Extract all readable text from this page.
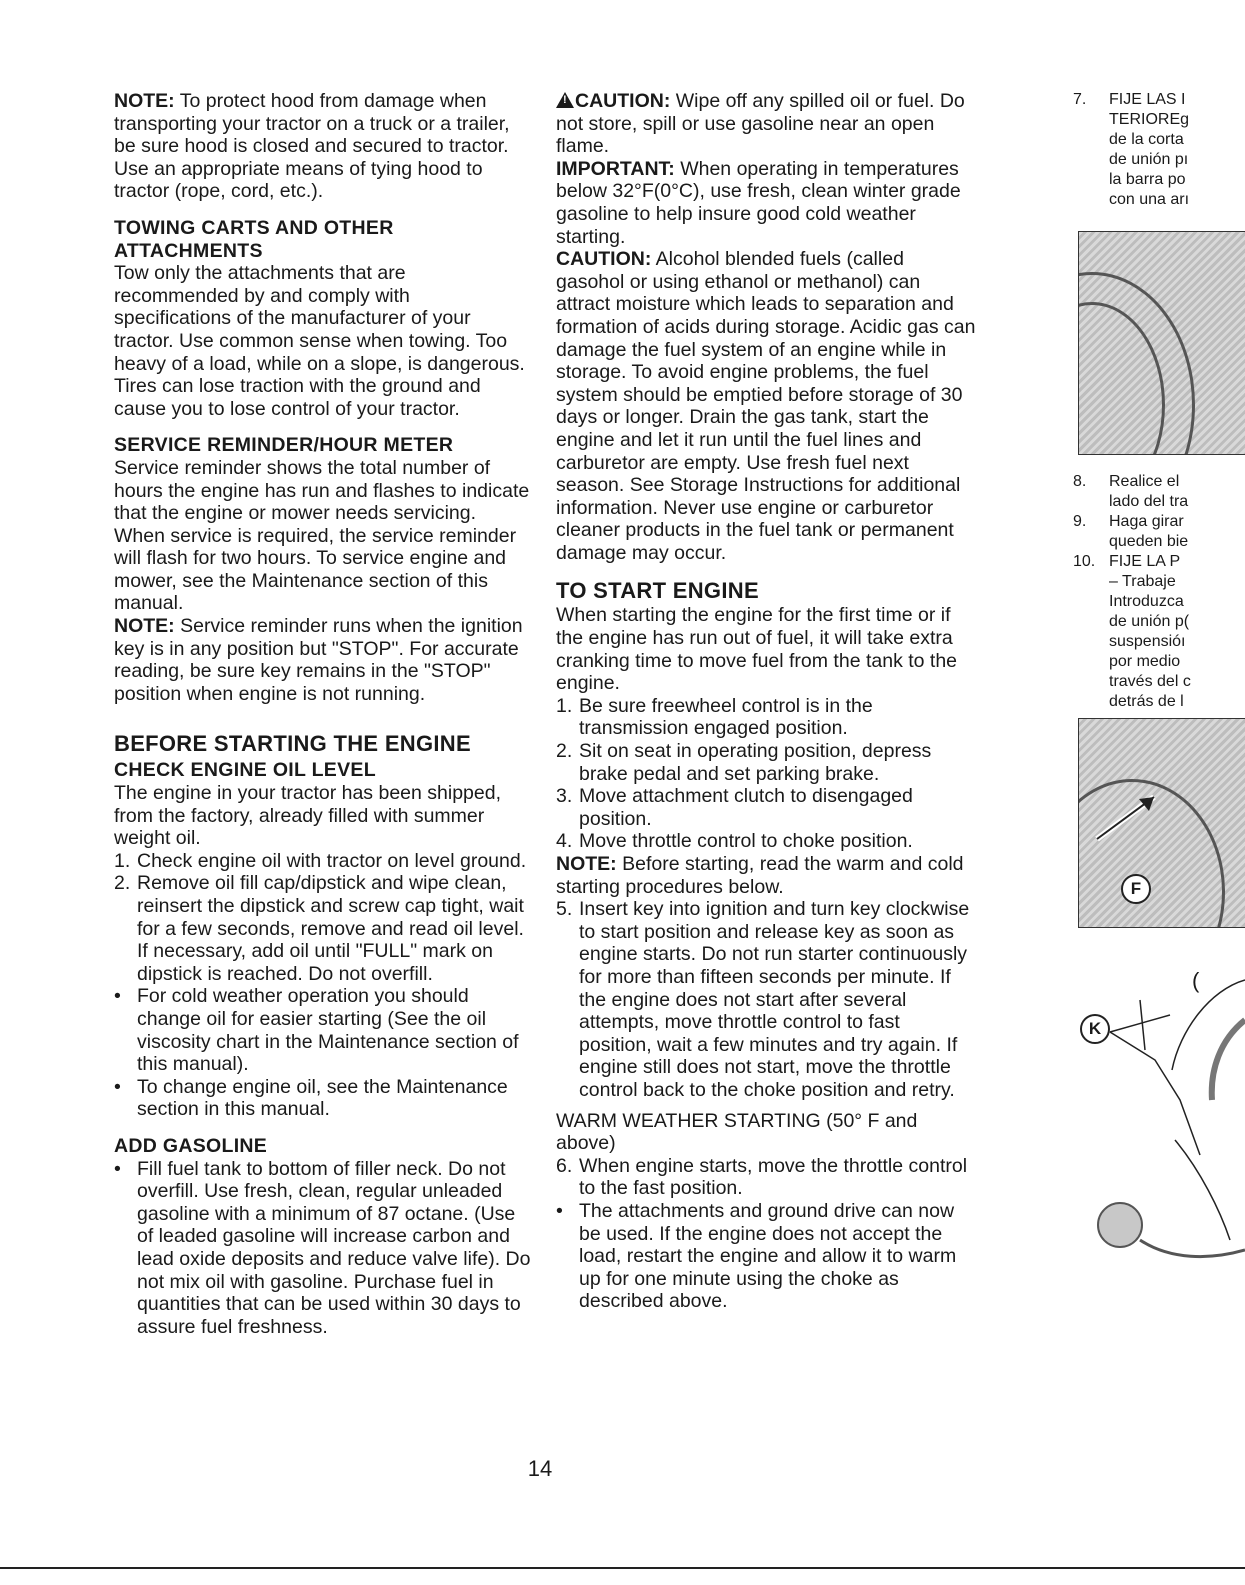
NOTE: To protect hood from damage when transporting your tractor on a truck or a trailer, be sure hood is closed and secured to tractor. Use an appropriate means of tying hood to tractor (rope, cord, etc.).

TOWING CARTS AND OTHER ATTACHMENTS

Tow only the attachments that are recommended by and comply with specifications of the manufacturer of your tractor. Use common sense when towing. Too heavy of a load, while on a slope, is dangerous. Tires can lose traction with the ground and cause you to lose control of your tractor.

SERVICE REMINDER/HOUR METER

Service reminder shows the total number of hours the engine has run and flashes to indicate that the engine or mower needs servicing. When service is required, the service reminder will flash for two hours. To service engine and mower, see the Maintenance section of this manual.

NOTE: Service reminder runs when the ignition key is in any position but "STOP". For accurate reading, be sure key remains in the "STOP" position when engine is not running.

BEFORE STARTING THE ENGINE
CHECK ENGINE OIL LEVEL

The engine in your tractor has been shipped, from the factory, already filled with summer weight oil.

1. Check engine oil with tractor on level ground.
2. Remove oil fill cap/dipstick and wipe clean, reinsert the dipstick and screw cap tight, wait for a few seconds, remove and read oil level. If necessary, add oil until "FULL" mark on dipstick is reached. Do not overfill.
• For cold weather operation you should change oil for easier starting (See the oil viscosity chart in the Maintenance section of this manual).
• To change engine oil, see the Maintenance section in this manual.
ADD GASOLINE
• Fill fuel tank to bottom of filler neck. Do not overfill. Use fresh, clean, regular unleaded gasoline with a minimum of 87 octane. (Use of leaded gasoline will increase carbon and lead oxide deposits and reduce valve life). Do not mix oil with gasoline. Purchase fuel in quantities that can be used within 30 days to assure fuel freshness.

!CAUTION: Wipe off any spilled oil or fuel. Do not store, spill or use gasoline near an open flame.

IMPORTANT: When operating in temperatures below 32°F(0°C), use fresh, clean winter grade gasoline to help insure good cold weather starting.

CAUTION: Alcohol blended fuels (called gasohol or using ethanol or methanol) can attract moisture which leads to separation and formation of acids during storage. Acidic gas can damage the fuel system of an engine while in storage. To avoid engine problems, the fuel system should be emptied before storage of 30 days or longer. Drain the gas tank, start the engine and let it run until the fuel lines and carburetor are empty. Use fresh fuel next season. See Storage Instructions for additional information. Never use engine or carburetor cleaner products in the fuel tank or permanent damage may occur.

TO START ENGINE

When starting the engine for the first time or if the engine has run out of fuel, it will take extra cranking time to move fuel from the tank to the engine.

1. Be sure freewheel control is in the transmission engaged position.
2. Sit on seat in operating position, depress brake pedal and set parking brake.
3. Move attachment clutch to disengaged position.
4. Move throttle control to choke position.

NOTE: Before starting, read the warm and cold starting procedures below.

5. Insert key into ignition and turn key clockwise to start position and release key as soon as engine starts. Do not run starter continuously for more than fifteen seconds per minute. If the engine does not start after several attempts, move throttle control to fast position, wait a few minutes and try again. If engine still does not start, move the throttle control back to the choke position and retry.

WARM WEATHER STARTING (50° F and above)

6. When engine starts, move the throttle control to the fast position.
• The attachments and ground drive can now be used. If the engine does not accept the load, restart the engine and allow it to warm up for one minute using the choke as described above.
7. FIJE LAS I
TERIOREɡ
de la corta
de unión pı
la barra po
con una arı
8. Realice el
lado del tra
9. Haga girar
queden bie
10. FIJE LA P
– Trabaje
Introduzca
de unión p(
suspensióı
por medio
través del c
detrás de l
F
K
(
14
